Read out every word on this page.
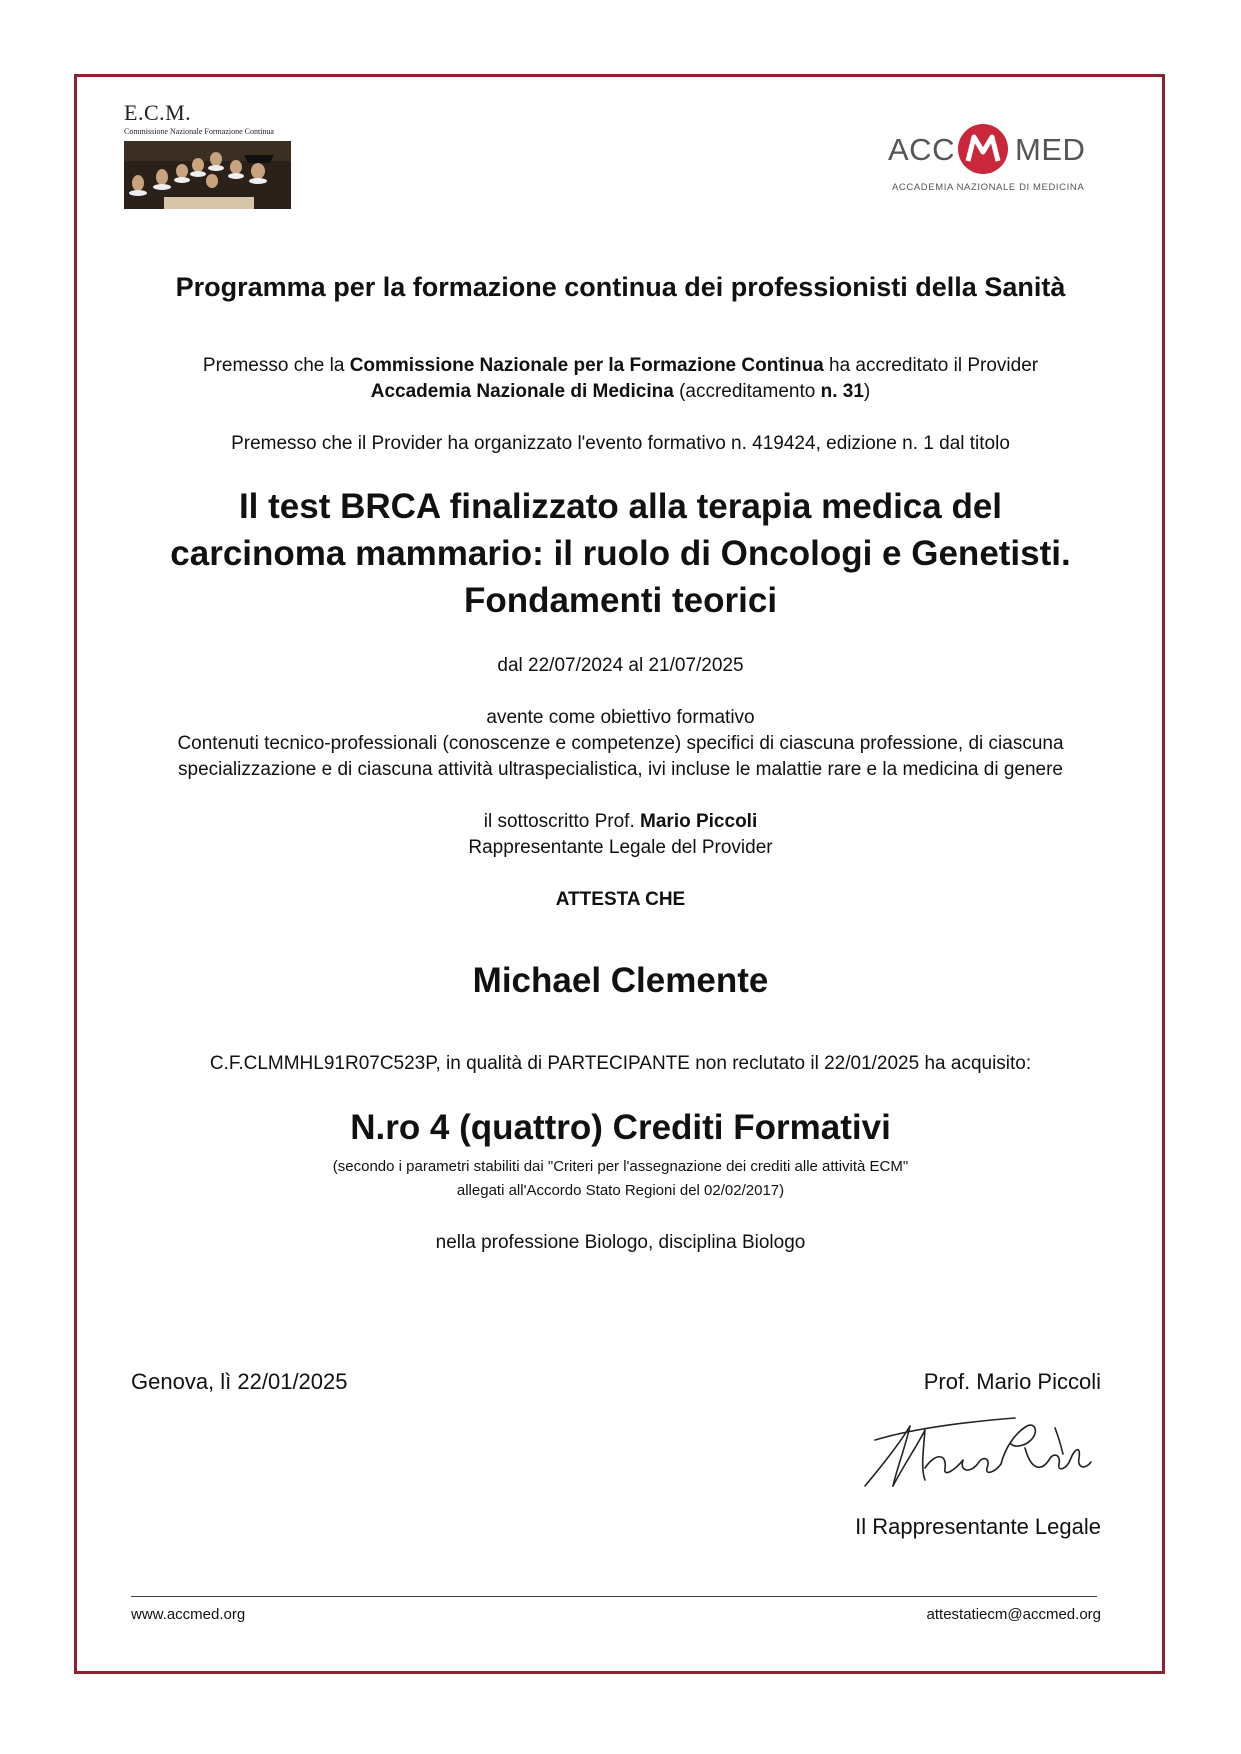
E.C.M.
Commissione Nazionale Formazione Continua
ACC MED
ACCADEMIA NAZIONALE DI MEDICINA
Programma per la formazione continua dei professionisti della Sanità
Premesso che la Commissione Nazionale per la Formazione Continua ha accreditato il Provider
Accademia Nazionale di Medicina (accreditamento n. 31)
Premesso che il Provider ha organizzato l'evento formativo n. 419424, edizione n. 1 dal titolo
Il test BRCA finalizzato alla terapia medica del
carcinoma mammario: il ruolo di Oncologi e Genetisti.
Fondamenti teorici
dal 22/07/2024 al 21/07/2025
avente come obiettivo formativo
Contenuti tecnico-professionali (conoscenze e competenze) specifici di ciascuna professione, di ciascuna
specializzazione e di ciascuna attività ultraspecialistica, ivi incluse le malattie rare e la medicina di genere
il sottoscritto Prof. Mario Piccoli
Rappresentante Legale del Provider
ATTESTA CHE
Michael Clemente
C.F.CLMMHL91R07C523P, in qualità di PARTECIPANTE non reclutato il 22/01/2025 ha acquisito:
N.ro 4 (quattro) Crediti Formativi
(secondo i parametri stabiliti dai "Criteri per l'assegnazione dei crediti alle attività ECM"
allegati all'Accordo Stato Regioni del 02/02/2017)
nella professione Biologo, disciplina Biologo
Genova, lì 22/01/2025	Prof. Mario Piccoli
Il Rappresentante Legale
www.accmed.org	attestatiecm@accmed.org
